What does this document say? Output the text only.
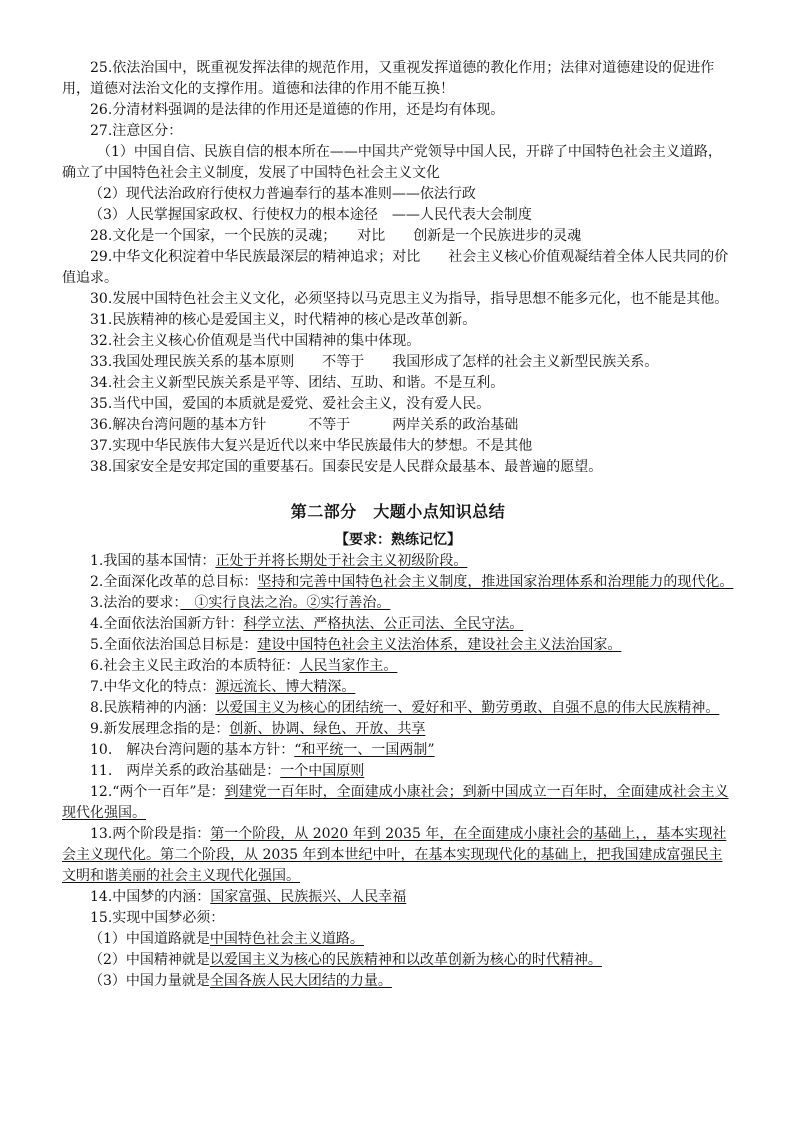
25.依法治国中，既重视发挥法律的规范作用，又重视发挥道德的教化作用；法律对道德建设的促进作用，道德对法治文化的支撑作用。道德和法律的作用不能互换！

26.分清材料强调的是法律的作用还是道德的作用，还是均有体现。

27.注意区分：

（1）中国自信、民族自信的根本所在——中国共产党领导中国人民，开辟了中国特色社会主义道路，确立了中国特色社会主义制度，发展了中国特色社会主义文化

（2）现代法治政府行使权力普遍奉行的基本准则——依法行政

（3）人民掌握国家政权、行使权力的根本途径　——人民代表大会制度

28.文化是一个国家，一个民族的灵魂；　　对比　　创新是一个民族进步的灵魂

29.中华文化积淀着中华民族最深层的精神追求；对比　　社会主义核心价值观凝结着全体人民共同的价值追求。

30.发展中国特色社会主义文化，必须坚持以马克思主义为指导，指导思想不能多元化，也不能是其他。

31.民族精神的核心是爱国主义，时代精神的核心是改革创新。

32.社会主义核心价值观是当代中国精神的集中体现。

33.我国处理民族关系的基本原则　　不等于　　我国形成了怎样的社会主义新型民族关系。

34.社会主义新型民族关系是平等、团结、互助、和谐。不是互利。

35.当代中国，爱国的本质就是爱党、爱社会主义，没有爱人民。

36.解决台湾问题的基本方针　　　不等于　　　两岸关系的政治基础

37.实现中华民族伟大复兴是近代以来中华民族最伟大的梦想。不是其他

38.国家安全是安邦定国的重要基石。国泰民安是人民群众最基本、最普遍的愿望。

第二部分　大题小点知识总结

【要求：熟练记忆】

1.我国的基本国情：正处于并将长期处于社会主义初级阶段。

2.全面深化改革的总目标：坚持和完善中国特色社会主义制度，推进国家治理体系和治理能力的现代化。

3.法治的要求：　①实行良法之治。②实行善治。

4.全面依法治国新方针：科学立法、严格执法、公正司法、全民守法。

5.全面依法治国总目标是：建设中国特色社会主义法治体系，建设社会主义法治国家。

6.社会主义民主政治的本质特征：人民当家作主。

7.中华文化的特点：源远流长、博大精深。

8.民族精神的内涵：以爱国主义为核心的团结统一、爱好和平、勤劳勇敢、自强不息的伟大民族精神。

9.新发展理念指的是：创新、协调、绿色、开放、共享

10.　解决台湾问题的基本方针：“和平统一、一国两制”

11.　两岸关系的政治基础是：一个中国原则

12.“两个一百年”是：到建党一百年时，全面建成小康社会；到新中国成立一百年时，全面建成社会主义现代化强国。

13.两个阶段是指：第一个阶段，从 2020 年到 2035 年，在全面建成小康社会的基础上，，基本实现社会主义现代化。第二个阶段，从 2035 年到本世纪中叶，在基本实现现代化的基础上，把我国建成富强民主文明和谐美丽的社会主义现代化强国。

14.中国梦的内涵：国家富强、民族振兴、人民幸福

15.实现中国梦必须：

（1）中国道路就是中国特色社会主义道路。

（2）中国精神就是以爱国主义为核心的民族精神和以改革创新为核心的时代精神。

（3）中国力量就是全国各族人民大团结的力量。
